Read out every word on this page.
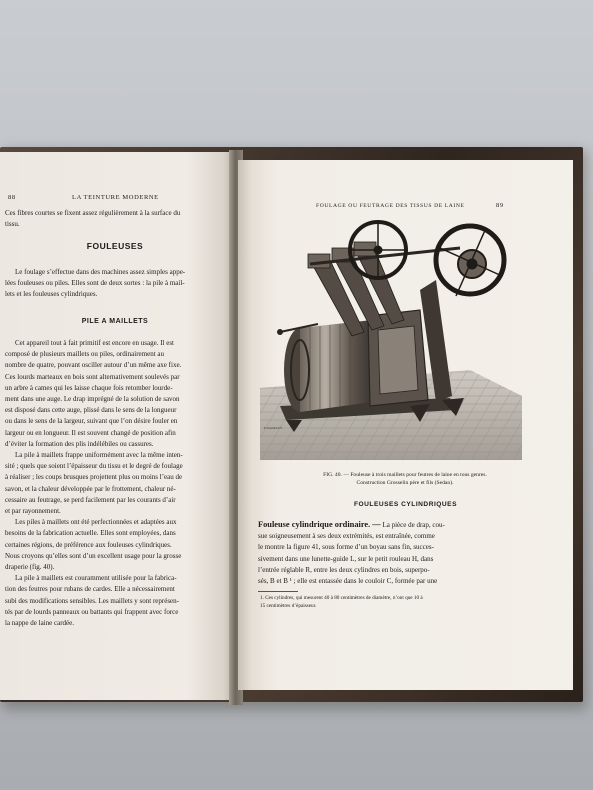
88	LA TEINTURE MODERNE

Ces fibres courtes se fixent assez régulièrement à la surface du

tissu.

FOULEUSES

Le foulage s’effectue dans des machines assez simples appe-

lées fouleuses ou piles. Elles sont de deux sortes : la pile à mail-

lets et les fouleuses cylindriques.

PILE A MAILLETS

Cet appareil tout à fait primitif est encore en usage. Il est

composé de plusieurs maillets ou piles, ordinairement au

nombre de quatre, pouvant osciller autour d’un même axe fixe.

Ces lourds marteaux en bois sont alternativement soulevés par

un arbre à cames qui les laisse chaque fois retomber lourde-

ment dans une auge. Le drap imprégné de la solution de savon

est disposé dans cette auge, plissé dans le sens de la longueur

ou dans le sens de la largeur, suivant que l’on désire fouler en

largeur ou en longueur. Il est souvent changé de position afin

d’éviter la formation des plis indélébiles ou cassures.

La pile à maillets frappe uniformément avec la même inten-

sité ; quels que soient l’épaisseur du tissu et le degré de foulage

à réaliser ; les coups brusques projettent plus ou moins l’eau de

savon, et la chaleur développée par le frottement, chaleur né-

cessaire au feutrage, se perd facilement par les courants d’air

et par rayonnement.

Les piles à maillets ont été perfectionnées et adaptées aux

besoins de la fabrication actuelle. Elles sont employées, dans

certaines régions, de préférence aux fouleuses cylindriques.

Nous croyons qu’elles sont d’un excellent usage pour la grosse

draperie (fig. 40).

La pile à maillets est couramment utilisée pour la fabrica-

tion des feutres pour rubans de cardes. Elle a nécessairement

subi des modifications sensibles. Les maillets y sont représen-

tés par de lourds panneaux ou battants qui frappent avec force

la nappe de laine cardée.

FOULAGE OU FEUTRAGE DES TISSUS DE LAINE	89
E.DAMAZY
FIG. 40. — Fouleuse à trois maillets pour feutres de laine en tous genres.
Construction Grosselin père et fils (Sedan).
FOULEUSES CYLINDRIQUES

Fouleuse cylindrique ordinaire. — La pièce de drap, cou-

sue soigneusement à ses deux extrémités, est entraînée, comme

le montre la figure 41, sous forme d’un boyau sans fin, succes-

sivement dans une lunette-guide L, sur le petit rouleau H, dans

l’entrée réglable R, entre les deux cylindres en bois, superpo-

sés, B et B ¹ ; elle est entassée dans le couloir C, formée par une

1. Ces cylindres, qui mesurent 40 à 80 centimètres de diamètre, n’ont que 10 à
15 centimètres d’épaisseur.
